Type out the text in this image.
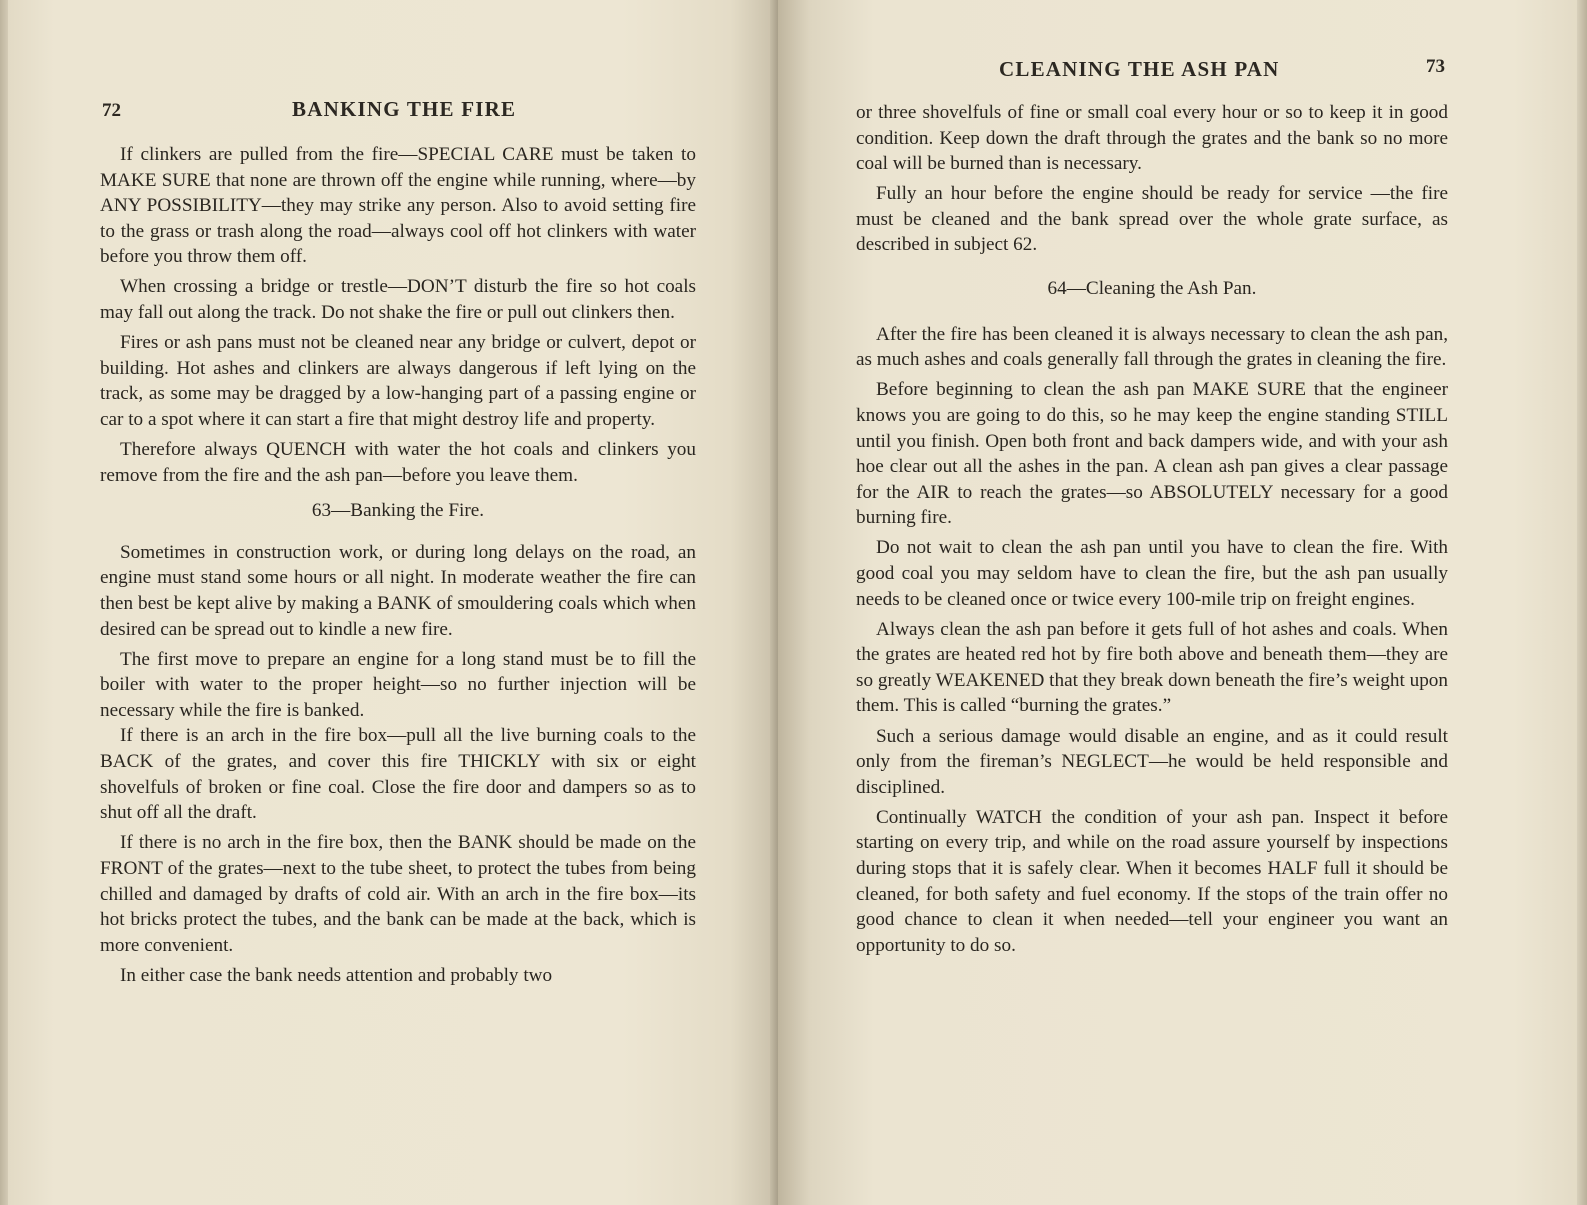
72	BANKING THE FIRE

If clinkers are pulled from the fire—SPECIAL CARE must be taken to MAKE SURE that none are thrown off the engine while running, where—by ANY POSSIBILITY—they may strike any person. Also to avoid setting fire to the grass or trash along the road—always cool off hot clinkers with water before you throw them off.

When crossing a bridge or trestle—DON’T disturb the fire so hot coals may fall out along the track. Do not shake the fire or pull out clinkers then.

Fires or ash pans must not be cleaned near any bridge or culvert, depot or building. Hot ashes and clinkers are always dangerous if left lying on the track, as some may be dragged by a low-hanging part of a passing engine or car to a spot where it can start a fire that might destroy life and property.

Therefore always QUENCH with water the hot coals and clinkers you remove from the fire and the ash pan—before you leave them.

63—Banking the Fire.

Sometimes in construction work, or during long delays on the road, an engine must stand some hours or all night. In moderate weather the fire can then best be kept alive by making a BANK of smouldering coals which when desired can be spread out to kindle a new fire.

The first move to prepare an engine for a long stand must be to fill the boiler with water to the proper height—so no further injection will be necessary while the fire is banked.

If there is an arch in the fire box—pull all the live burning coals to the BACK of the grates, and cover this fire THICKLY with six or eight shovelfuls of broken or fine coal. Close the fire door and dampers so as to shut off all the draft.

If there is no arch in the fire box, then the BANK should be made on the FRONT of the grates—next to the tube sheet, to protect the tubes from being chilled and damaged by drafts of cold air. With an arch in the fire box—its hot bricks protect the tubes, and the bank can be made at the back, which is more convenient.

In either case the bank needs attention and probably two

CLEANING THE ASH PAN	73

or three shovelfuls of fine or small coal every hour or so to keep it in good condition. Keep down the draft through the grates and the bank so no more coal will be burned than is necessary.

Fully an hour before the engine should be ready for service —the fire must be cleaned and the bank spread over the whole grate surface, as described in subject 62.

64—Cleaning the Ash Pan.

After the fire has been cleaned it is always necessary to clean the ash pan, as much ashes and coals generally fall through the grates in cleaning the fire.

Before beginning to clean the ash pan MAKE SURE that the engineer knows you are going to do this, so he may keep the engine standing STILL until you finish. Open both front and back dampers wide, and with your ash hoe clear out all the ashes in the pan. A clean ash pan gives a clear passage for the AIR to reach the grates—so ABSOLUTELY necessary for a good burning fire.

Do not wait to clean the ash pan until you have to clean the fire. With good coal you may seldom have to clean the fire, but the ash pan usually needs to be cleaned once or twice every 100-mile trip on freight engines.

Always clean the ash pan before it gets full of hot ashes and coals. When the grates are heated red hot by fire both above and beneath them—they are so greatly WEAKENED that they break down beneath the fire’s weight upon them. This is called “burning the grates.”

Such a serious damage would disable an engine, and as it could result only from the fireman’s NEGLECT—he would be held responsible and disciplined.

Continually WATCH the condition of your ash pan. Inspect it before starting on every trip, and while on the road assure yourself by inspections during stops that it is safely clear. When it becomes HALF full it should be cleaned, for both safety and fuel economy. If the stops of the train offer no good chance to clean it when needed—tell your engineer you want an opportunity to do so.
